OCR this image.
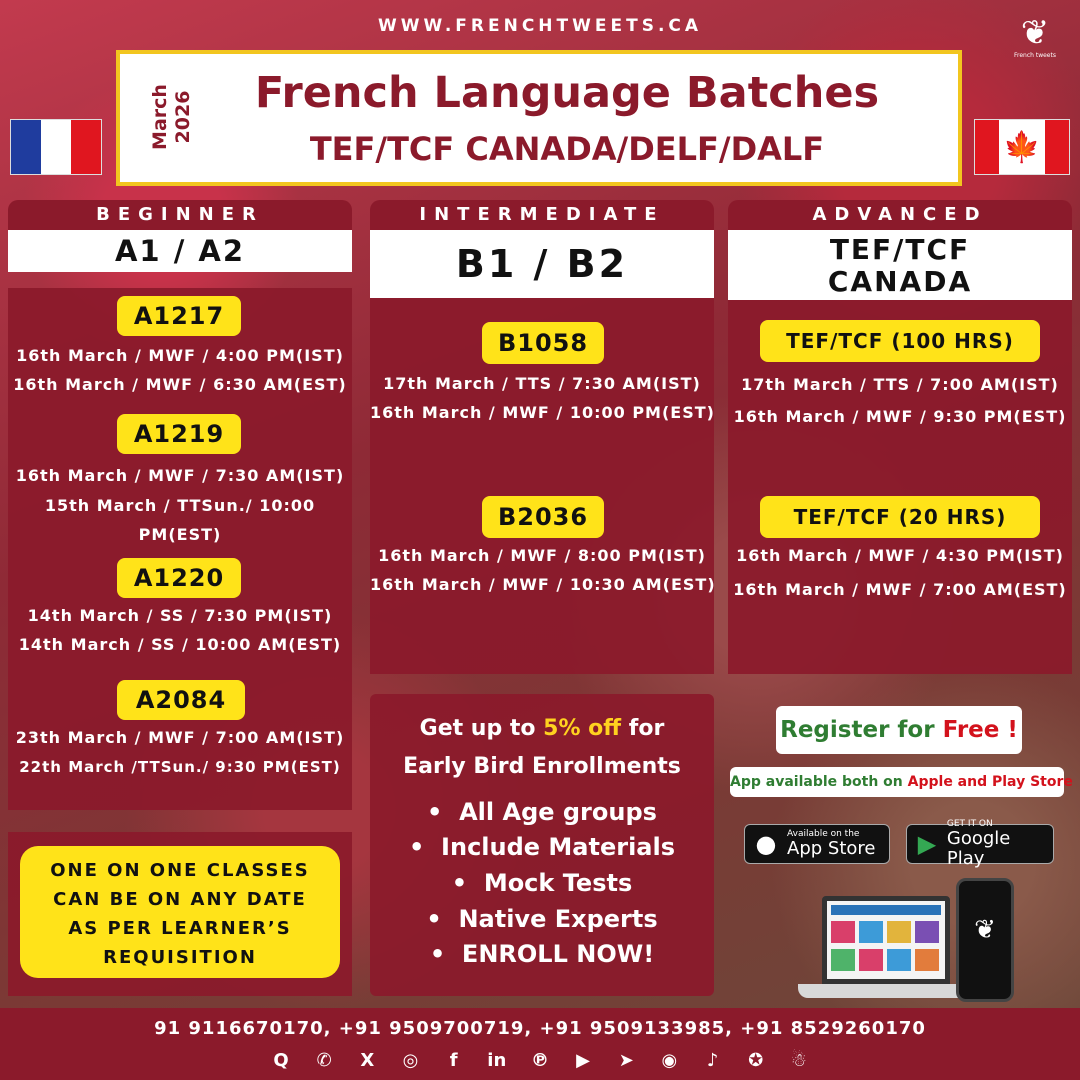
WWW.FRENCHTWEETS.CA	❦
French tweets
March 2026	French Language Batches
TEF/TCF CANADA/DELF/DALF	🍁
BEGINNER
A1 / A2
A1217
16th March / MWF / 4:00 PM(IST)
16th March / MWF / 6:30 AM(EST)
A1219
16th March / MWF / 7:30 AM(IST)
15th March / TTSun./ 10:00 PM(EST)
A1220
14th March / SS / 7:30 PM(IST)
14th March / SS / 10:00 AM(EST)
A2084
23th March / MWF / 7:00 AM(IST)
22th March /TTSun./ 9:30 PM(EST)
INTERMEDIATE
B1 / B2
B1058
17th March / TTS / 7:30 AM(IST)
16th March / MWF / 10:00 PM(EST)
B2036
16th March / MWF / 8:00 PM(IST)
16th March / MWF / 10:30 AM(EST)
ADVANCED
TEF/TCF
CANADA
TEF/TCF (100 HRS)
17th March / TTS / 7:00 AM(IST)
16th March / MWF / 9:30 PM(EST)
TEF/TCF (20 HRS)
16th March / MWF / 4:30 PM(IST)
16th March / MWF / 7:00 AM(EST)
ONE ON ONE CLASSES
CAN BE ON ANY DATE
AS PER LEARNER’S
REQUISITION
Get up to 5% off for
Early Bird Enrollments
•  All Age groups
•  Include Materials
•  Mock Tests
•  Native Experts
•  ENROLL NOW!
Register for Free !
App available both on Apple and Play Store
● Available on the
App Store ▶
GET IT ON
Google Play
❦
91 9116670170, +91 9509700719, +91 9509133985, +91 8529260170
Q	✆	X	◎	f	in ℗	▶	➤	◉	♪	✪	☃
